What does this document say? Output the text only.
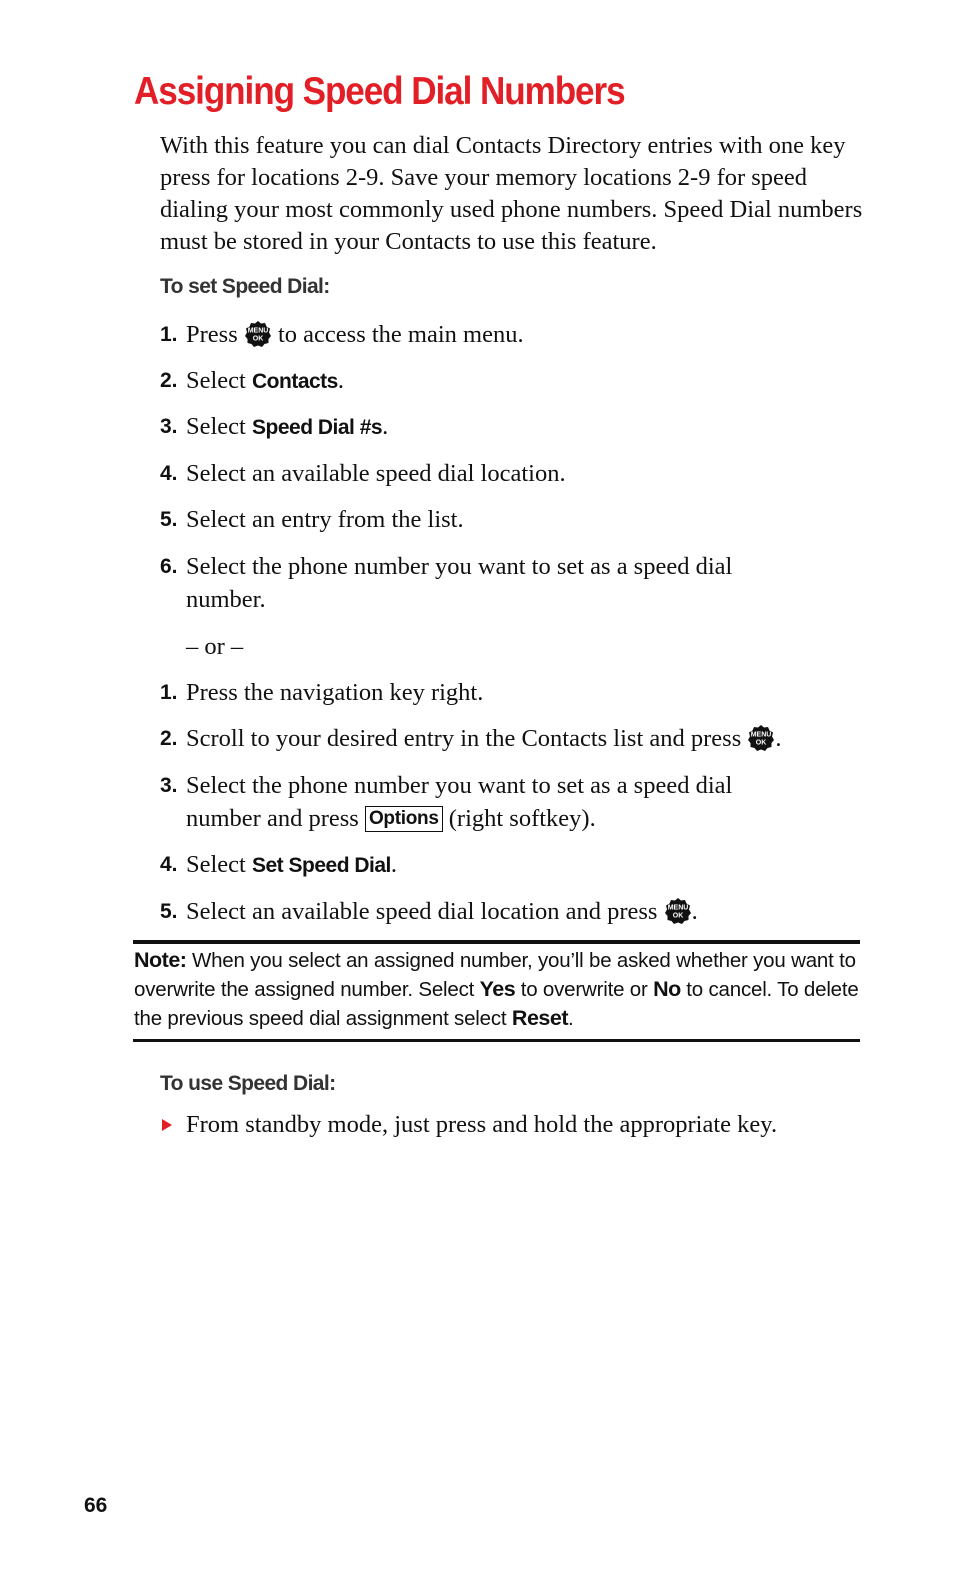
Assigning Speed Dial Numbers

With this feature you can dial Contacts Directory entries with one key press for locations 2-9. Save your memory locations 2-9 for speed dialing your most commonly used phone numbers. Speed Dial numbers must be stored in your Contacts to use this feature.

To set Speed Dial:
1. Press to access the main menu.
2. Select Contacts.
3. Select Speed Dial #s.
4. Select an available speed dial location.
5. Select an entry from the list.
6. Select the phone number you want to set as a speed dial number.
– or –
1. Press the navigation key right.
2. Scroll to your desired entry in the Contacts list and press .
3. Select the phone number you want to set as a speed dial number and press Options (right softkey).
4. Select Set Speed Dial.
5. Select an available speed dial location and press .

Note: When you select an assigned number, you’ll be asked whether you want to overwrite the assigned number. Select Yes to overwrite or No to cancel. To delete the previous speed dial assignment select Reset.

To use Speed Dial:
From standby mode, just press and hold the appropriate key.
66
